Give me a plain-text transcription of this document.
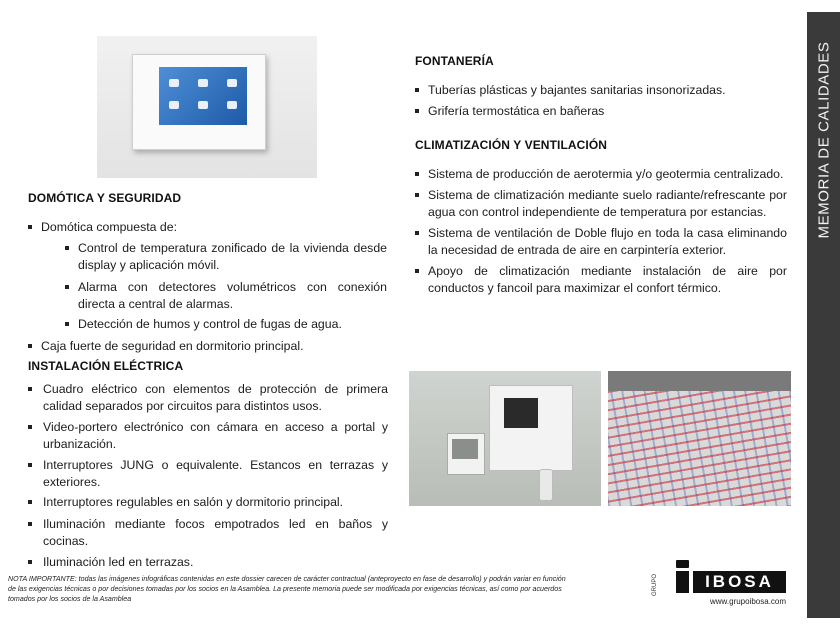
MEMORIA DE CALIDADES
FONTANERÍA
Tuberías plásticas y bajantes sanitarias insonorizadas.
Grifería termostática en bañeras
CLIMATIZACIÓN Y VENTILACIÓN
Sistema de producción de aerotermia y/o geotermia centralizado.
Sistema de climatización mediante suelo radiante/refrescante por agua con control independiente de temperatura por estancias.
Sistema de ventilación de Doble flujo en toda la casa eliminando la necesidad de entrada de aire en carpintería exterior.
Apoyo de climatización mediante instalación de aire por conductos y fancoil para maximizar el confort térmico.
DOMÓTICA Y SEGURIDAD
Domótica compuesta de:
Control de temperatura zonificado de la vivienda desde display y aplicación móvil.
Alarma con detectores volumétricos con conexión directa a central de alarmas.
Detección de humos y control de fugas de agua.
Caja fuerte de seguridad en dormitorio principal.
INSTALACIÓN ELÉCTRICA
Cuadro eléctrico con elementos de protección de primera calidad separados por circuitos para distintos usos.
Video-portero electrónico con cámara en acceso a portal y urbanización.
Interruptores JUNG o equivalente. Estancos en terrazas y exteriores.
Interruptores regulables en salón y dormitorio principal.
Iluminación mediante focos empotrados led en baños y cocinas.
Iluminación led en terrazas.
NOTA IMPORTANTE: todas las imágenes infográficas contenidas en este dossier carecen de carácter contractual (anteproyecto en fase de desarrollo) y podrán variar en función de las exigencias técnicas o por decisiones tomadas por los socios en la Asamblea. La presente memoria puede ser modificada por exigencias técnicas, así como por acuerdos tomados por los socios de la Asamblea
GRUPO	IBOSA
www.grupoibosa.com
